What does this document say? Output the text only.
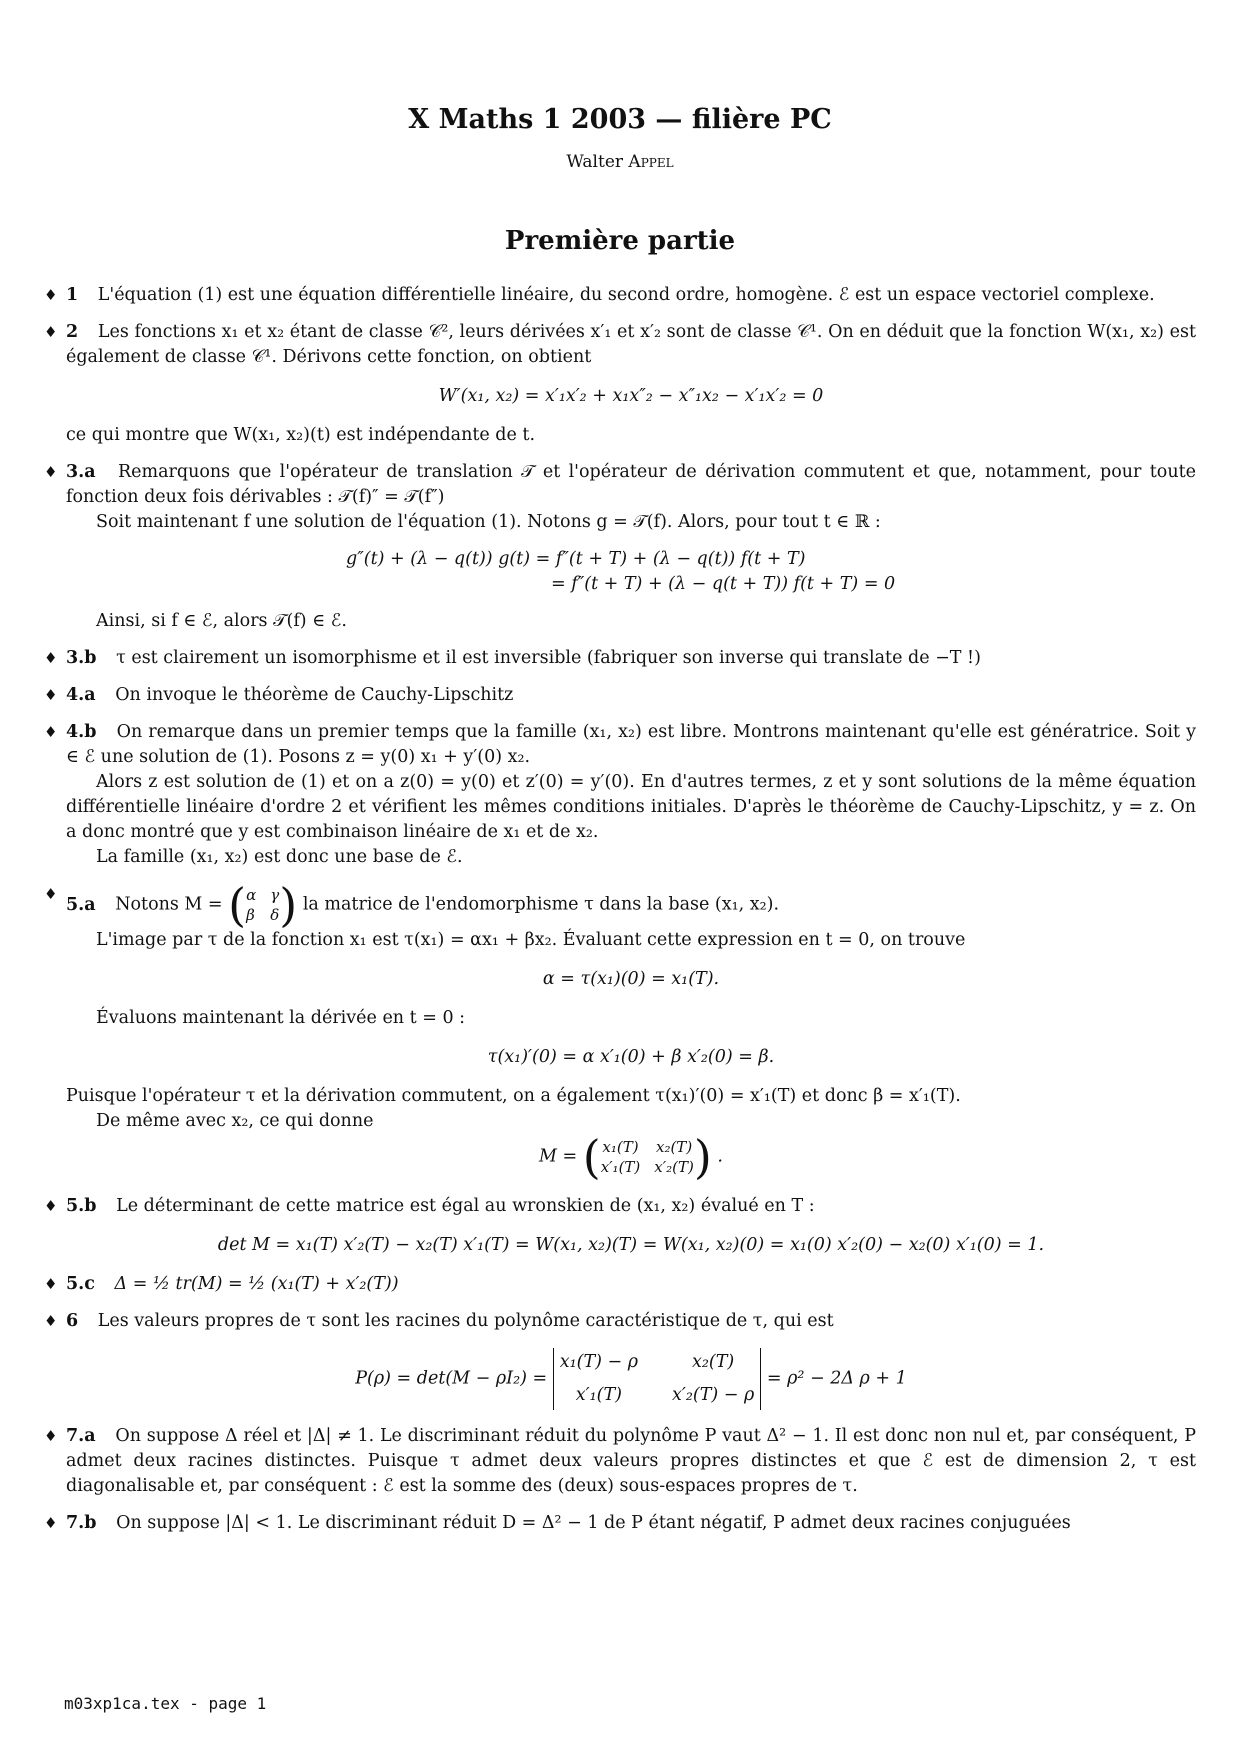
X Maths 1 2003 — filière PC
Walter Appel
Première partie
♦ 1 L'équation (1) est une équation différentielle linéaire, du second ordre, homogène. ℰ est un espace vectoriel complexe.
♦ 2 Les fonctions x₁ et x₂ étant de classe 𝒞², leurs dérivées x′₁ et x′₂ sont de classe 𝒞¹. On en déduit que la fonction W(x₁, x₂) est également de classe 𝒞¹. Dérivons cette fonction, on obtient
W′(x₁, x₂) = x′₁x′₂ + x₁x″₂ − x″₁x₂ − x′₁x′₂ = 0
ce qui montre que W(x₁, x₂)(t) est indépendante de t.
♦ 3.a Remarquons que l'opérateur de translation 𝒯 et l'opérateur de dérivation commutent et que, notamment, pour toute fonction deux fois dérivables : 𝒯(f)″ = 𝒯(f″)
Soit maintenant f une solution de l'équation (1). Notons g = 𝒯(f). Alors, pour tout t ∈ ℝ :
g″(t) + (λ − q(t)) g(t) = f″(t + T) + (λ − q(t)) f(t + T)
= f″(t + T) + (λ − q(t + T)) f(t + T) = 0
Ainsi, si f ∈ ℰ, alors 𝒯(f) ∈ ℰ.
♦ 3.b τ est clairement un isomorphisme et il est inversible (fabriquer son inverse qui translate de −T !)
♦ 4.a On invoque le théorème de Cauchy-Lipschitz
♦ 4.b On remarque dans un premier temps que la famille (x₁, x₂) est libre. Montrons maintenant qu'elle est génératrice. Soit y ∈ ℰ une solution de (1). Posons z = y(0) x₁ + y′(0) x₂.
Alors z est solution de (1) et on a z(0) = y(0) et z′(0) = y′(0). En d'autres termes, z et y sont solutions de la même équation différentielle linéaire d'ordre 2 et vérifient les mêmes conditions initiales. D'après le théorème de Cauchy-Lipschitz, y = z. On a donc montré que y est combinaison linéaire de x₁ et de x₂.
La famille (x₁, x₂) est donc une base de ℰ.
♦
5.a Notons M = ( α γ
β δ ) la matrice de l'endomorphisme τ dans la base (x₁, x₂).
L'image par τ de la fonction x₁ est τ(x₁) = αx₁ + βx₂. Évaluant cette expression en t = 0, on trouve
α = τ(x₁)(0) = x₁(T).
Évaluons maintenant la dérivée en t = 0 :
τ(x₁)′(0) = α x′₁(0) + β x′₂(0) = β.
Puisque l'opérateur τ et la dérivation commutent, on a également τ(x₁)′(0) = x′₁(T) et donc β = x′₁(T).
De même avec x₂, ce qui donne
M = ( x₁(T) x₂(T)
x′₁(T) x′₂(T) ) .
♦ 5.b Le déterminant de cette matrice est égal au wronskien de (x₁, x₂) évalué en T :
det M = x₁(T) x′₂(T) − x₂(T) x′₁(T) = W(x₁, x₂)(T) = W(x₁, x₂)(0) = x₁(0) x′₂(0) − x₂(0) x′₁(0) = 1.
♦ 5.c Δ = ½ tr(M) = ½ (x₁(T) + x′₂(T))
♦ 6 Les valeurs propres de τ sont les racines du polynôme caractéristique de τ, qui est
P(ρ) = det(M − ρI₂) =
x₁(T) − ρ	x₂(T)
x′₁(T)	x′₂(T) − ρ
= ρ² − 2Δ ρ + 1
♦ 7.a On suppose Δ réel et |Δ| ≠ 1. Le discriminant réduit du polynôme P vaut Δ² − 1. Il est donc non nul et, par conséquent, P admet deux racines distinctes. Puisque τ admet deux valeurs propres distinctes et que ℰ est de dimension 2, τ est diagonalisable et, par conséquent : ℰ est la somme des (deux) sous-espaces propres de τ.
♦ 7.b On suppose |Δ| < 1. Le discriminant réduit D = Δ² − 1 de P étant négatif, P admet deux racines conjuguées
m03xp1ca.tex - page 1
